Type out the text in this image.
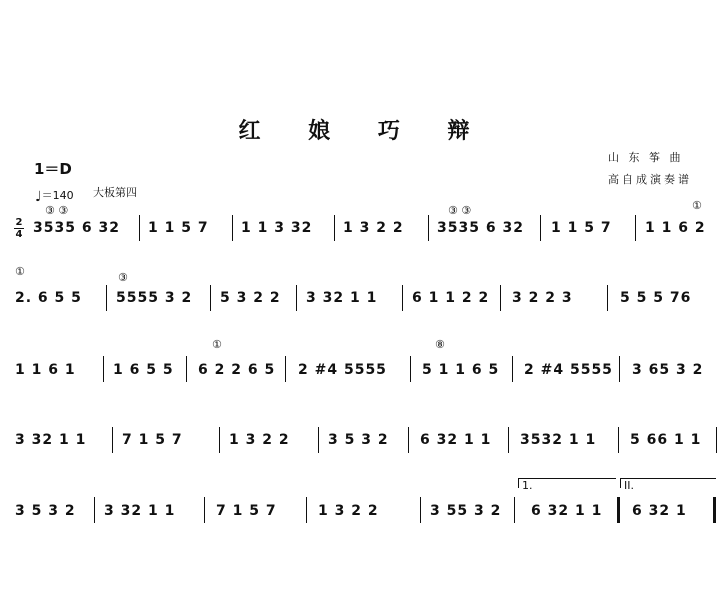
红 娘 巧 辩
山 东 筝 曲
高自成演奏谱
1＝D
♩＝140 大板第四
2
4
③ ③	③ ③	①
①	③
①	⑧
3535 6 32 1 1 5 7 1 1 3 32 1 3 2 2 3535 6 32 1 1 5 7 1 1 6 2
2. 6 5 5 5555 3 2 5 3 2 2 3 32 1 1 6 1 1 2 2 3 2 2 3	5 5 5 76
1 1 6 1	1 6 5 5 6 2 2 6 5 2 #4 5555	5 1 1 6 5 2 #4 5555 3 65 3 2
3 32 1 1	7 1 5 7	1 3 2 2	3 5 3 2 6 32 1 1 3532 1 1 5 66 1 1
1.	II.
3 5 3 2 3 32 1 1	7 1 5 7	1 3 2 2	3 55 3 2 6 32 1 1 6 32 1
